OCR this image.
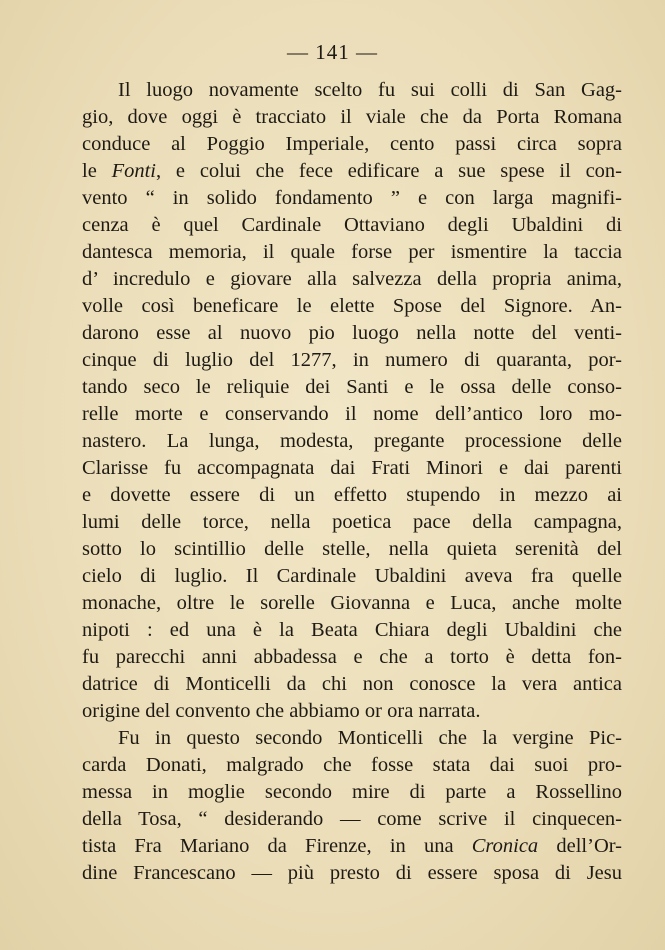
— 141 —
Il luogo novamente scelto fu sui colli di San Gag-
gio, dove oggi è tracciato il viale che da Porta Romana
conduce al Poggio Imperiale, cento passi circa sopra
le Fonti, e colui che fece edificare a sue spese il con-
vento “ in solido fondamento ” e con larga magnifi-
cenza è quel Cardinale Ottaviano degli Ubaldini di
dantesca memoria, il quale forse per ismentire la taccia
d’ incredulo e giovare alla salvezza della propria anima,
volle così beneficare le elette Spose del Signore. An-
darono esse al nuovo pio luogo nella notte del venti-
cinque di luglio del 1277, in numero di quaranta, por-
tando seco le reliquie dei Santi e le ossa delle conso-
relle morte e conservando il nome dell’antico loro mo-
nastero. La lunga, modesta, pregante processione delle
Clarisse fu accompagnata dai Frati Minori e dai parenti
e dovette essere di un effetto stupendo in mezzo ai
lumi delle torce, nella poetica pace della campagna,
sotto lo scintillio delle stelle, nella quieta serenità del
cielo di luglio. Il Cardinale Ubaldini aveva fra quelle
monache, oltre le sorelle Giovanna e Luca, anche molte
nipoti : ed una è la Beata Chiara degli Ubaldini che
fu parecchi anni abbadessa e che a torto è detta fon-
datrice di Monticelli da chi non conosce la vera antica
origine del convento che abbiamo or ora narrata.
Fu in questo secondo Monticelli che la vergine Pic-
carda Donati, malgrado che fosse stata dai suoi pro-
messa in moglie secondo mire di parte a Rossellino
della Tosa, “ desiderando — come scrive il cinquecen-
tista Fra Mariano da Firenze, in una Cronica dell’Or-
dine Francescano — più presto di essere sposa di Jesu
